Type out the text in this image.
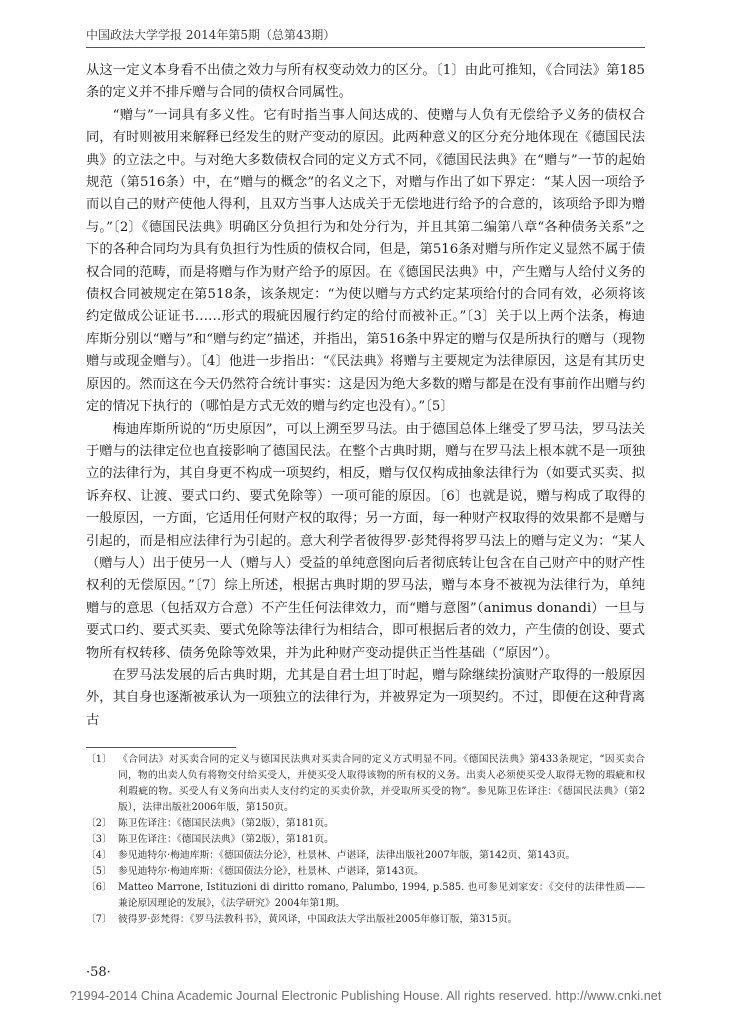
中国政法大学学报 2014年第5期（总第43期）

从这一定义本身看不出债之效力与所有权变动效力的区分。〔1〕由此可推知，《合同法》第185条的定义并不排斥赠与合同的债权合同属性。

“赠与”一词具有多义性。它有时指当事人间达成的、使赠与人负有无偿给予义务的债权合同，有时则被用来解释已经发生的财产变动的原因。此两种意义的区分充分地体现在《德国民法典》的立法之中。与对绝大多数债权合同的定义方式不同，《德国民法典》在“赠与”一节的起始规范（第516条）中，在“赠与的概念”的名义之下，对赠与作出了如下界定：“某人因一项给予而以自己的财产使他人得利，且双方当事人达成关于无偿地进行给予的合意的，该项给予即为赠与。”〔2〕《德国民法典》明确区分负担行为和处分行为，并且其第二编第八章“各种债务关系”之下的各种合同均为具有负担行为性质的债权合同，但是，第516条对赠与所作定义显然不属于债权合同的范畴，而是将赠与作为财产给予的原因。在《德国民法典》中，产生赠与人给付义务的债权合同被规定在第518条，该条规定：“为使以赠与方式约定某项给付的合同有效，必须将该约定做成公证证书……形式的瑕疵因履行约定的给付而被补正。”〔3〕关于以上两个法条，梅迪库斯分别以“赠与”和“赠与约定”描述，并指出，第516条中界定的赠与仅是所执行的赠与（现物赠与或现金赠与）。〔4〕他进一步指出：“《民法典》将赠与主要规定为法律原因，这是有其历史原因的。然而这在今天仍然符合统计事实：这是因为绝大多数的赠与都是在没有事前作出赠与约定的情况下执行的（哪怕是方式无效的赠与约定也没有）。”〔5〕

梅迪库斯所说的“历史原因”，可以上溯至罗马法。由于德国总体上继受了罗马法，罗马法关于赠与的法律定位也直接影响了德国民法。在整个古典时期，赠与在罗马法上根本就不是一项独立的法律行为，其自身更不构成一项契约，相反，赠与仅仅构成抽象法律行为（如要式买卖、拟诉弃权、让渡、要式口约、要式免除等）一项可能的原因。〔6〕也就是说，赠与构成了取得的一般原因，一方面，它适用任何财产权的取得；另一方面，每一种财产权取得的效果都不是赠与引起的，而是相应法律行为引起的。意大利学者彼得罗·彭梵得将罗马法上的赠与定义为：“某人（赠与人）出于使另一人（赠与人）受益的单纯意图向后者彻底转让包含在自己财产中的财产性权利的无偿原因。”〔7〕综上所述，根据古典时期的罗马法，赠与本身不被视为法律行为，单纯赠与的意思（包括双方合意）不产生任何法律效力，而“赠与意图”（animus donandi）一旦与要式口约、要式买卖、要式免除等法律行为相结合，即可根据后者的效力，产生债的创设、要式物所有权转移、债务免除等效果，并为此种财产变动提供正当性基础（“原因”）。

在罗马法发展的后古典时期，尤其是自君士坦丁时起，赠与除继续扮演财产取得的一般原因外，其自身也逐渐被承认为一项独立的法律行为，并被界定为一项契约。不过，即便在这种背离古

〔1〕 《合同法》对买卖合同的定义与德国民法典对买卖合同的定义方式明显不同。《德国民法典》第433条规定，“因买卖合同，物的出卖人负有将物交付给买受人，并使买受人取得该物的所有权的义务。出卖人必须使买受人取得无物的瑕疵和权利瑕疵的物。买受人有义务向出卖人支付约定的买卖价款，并受取所买受的物”。参见陈卫佐译注：《德国民法典》（第2版），法律出版社2006年版，第150页。
〔2〕 陈卫佐译注：《德国民法典》（第2版），第181页。
〔3〕 陈卫佐译注：《德国民法典》（第2版），第181页。
〔4〕 参见迪特尔·梅迪库斯：《德国债法分论》，杜景林、卢谌译，法律出版社2007年版，第142页、第143页。
〔5〕 参见迪特尔·梅迪库斯：《德国债法分论》，杜景林、卢谌译，第143页。
〔6〕 Matteo Marrone, Istituzioni di diritto romano, Palumbo, 1994, p.585. 也可参见刘家安：《交付的法律性质——兼论原因理论的发展》，《法学研究》2004年第1期。
〔7〕 彼得罗·彭梵得：《罗马法教科书》，黄风译，中国政法大学出版社2005年修订版，第315页。
·58·
?1994-2014 China Academic Journal Electronic Publishing House. All rights reserved. http://www.cnki.net
